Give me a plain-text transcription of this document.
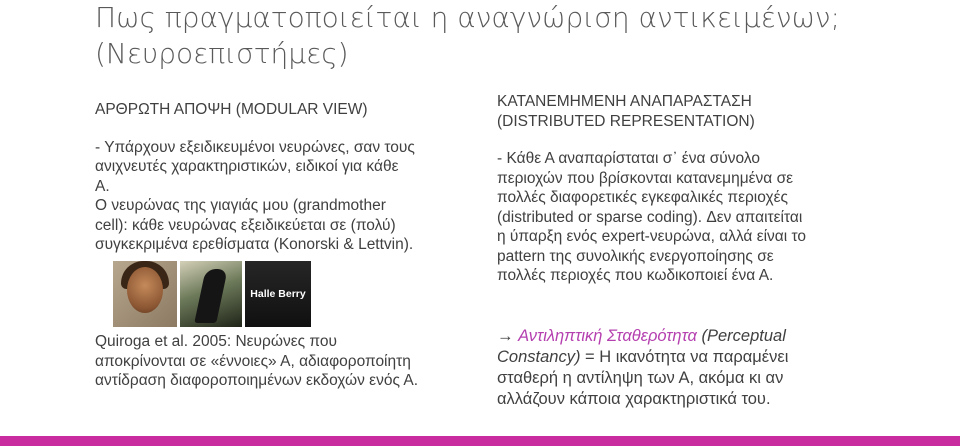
Πως πραγματοποιείται η αναγνώριση αντικειμένων;
(Νευροεπιστήμες)
ΑΡΘΡΩΤΗ ΑΠΟΨΗ (MODULAR VIEW)
- Υπάρχουν εξειδικευμένοι νευρώνες, σαν τους
ανιχνευτές χαρακτηριστικών, ειδικοί για κάθε
Α.
Ο νευρώνας της γιαγιάς μου (grandmother
cell): κάθε νευρώνας εξειδικεύεται σε (πολύ)
συγκεκριμένα ερεθίσματα (Konorski & Lettvin).
Halle Berry
Quiroga et al. 2005: Νευρώνες που
αποκρίνονται σε «έννοιες» Α, αδιαφοροποίητη
αντίδραση διαφοροποιημένων εκδοχών ενός Α.
ΚΑΤΑΝΕΜΗΜΕΝΗ ΑΝΑΠΑΡΑΣΤΑΣΗ
(DISTRIBUTED REPRESENTATION)
- Κάθε Α αναπαρίσταται σ᾿ ένα σύνολο
περιοχών που βρίσκονται κατανεμημένα σε
πολλές διαφορετικές εγκεφαλικές περιοχές
(distributed or sparse coding). Δεν απαιτείται
η ύπαρξη ενός expert-νευρώνα, αλλά είναι το
pattern της συνολικής ενεργοποίησης σε
πολλές περιοχές που κωδικοποιεί ένα Α.
→ Αντιληπτική Σταθερότητα (Perceptual
Constancy) = Η ικανότητα να παραμένει
σταθερή η αντίληψη των Α, ακόμα κι αν
αλλάζουν κάποια χαρακτηριστικά του.
